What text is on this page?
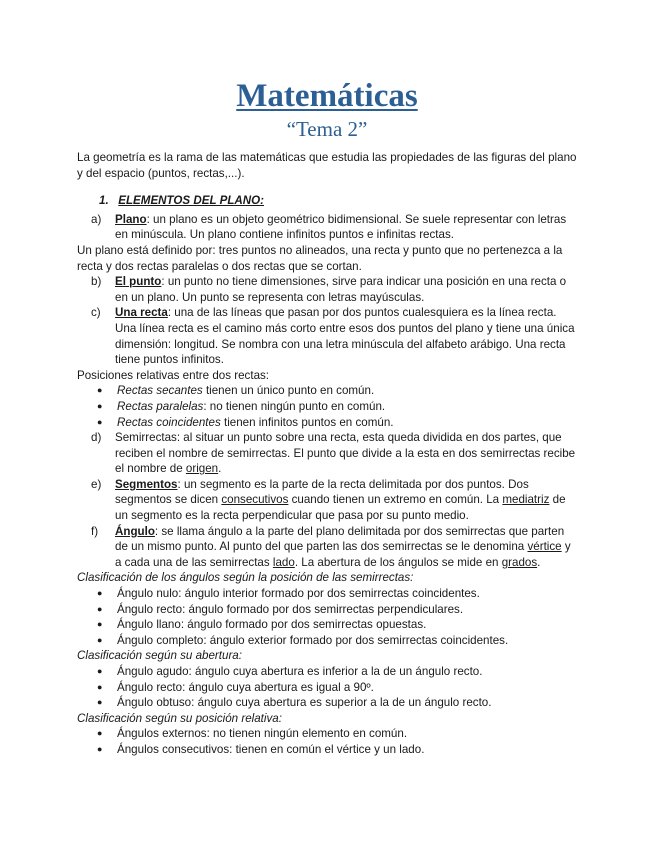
Matemáticas
“Tema 2”

La geometría es la rama de las matemáticas que estudia las propiedades de las figuras del plano y del espacio (puntos, rectas,...).

1. ELEMENTOS DEL PLANO:
a)	Plano: un plano es un objeto geométrico bidimensional. Se suele representar con letras en minúscula. Un plano contiene infinitos puntos e infinitas rectas.

Un plano está definido por: tres puntos no alineados, una recta y punto que no pertenezca a la recta y dos rectas paralelas o dos rectas que se cortan.

b)	El punto: un punto no tiene dimensiones, sirve para indicar una posición en una recta o en un plano. Un punto se representa con letras mayúsculas.
c)	Una recta: una de las líneas que pasan por dos puntos cualesquiera es la línea recta. Una línea recta es el camino más corto entre esos dos puntos del plano y tiene una única dimensión: longitud. Se nombra con una letra minúscula del alfabeto arábigo. Una recta tiene puntos infinitos.

Posiciones relativas entre dos rectas:

●	Rectas secantes tienen un único punto en común.
●	Rectas paralelas: no tienen ningún punto en común.
●	Rectas coincidentes tienen infinitos puntos en común.
d)	Semirrectas: al situar un punto sobre una recta, esta queda dividida en dos partes, que reciben el nombre de semirrectas. El punto que divide a la esta en dos semirrectas recibe el nombre de origen.
e)	Segmentos: un segmento es la parte de la recta delimitada por dos puntos. Dos segmentos se dicen consecutivos cuando tienen un extremo en común. La mediatriz de un segmento es la recta perpendicular que pasa por su punto medio.
f)	Ángulo: se llama ángulo a la parte del plano delimitada por dos semirrectas que parten de un mismo punto. Al punto del que parten las dos semirrectas se le denomina vértice y a cada una de las semirrectas lado. La abertura de los ángulos se mide en grados.

Clasificación de los ángulos según la posición de las semirrectas:

●	Ángulo nulo: ángulo interior formado por dos semirrectas coincidentes.
●	Ángulo recto: ángulo formado por dos semirrectas perpendiculares.
●	Ángulo llano: ángulo formado por dos semirrectas opuestas.
●	Ángulo completo: ángulo exterior formado por dos semirrectas coincidentes.

Clasificación según su abertura:

●	Ángulo agudo: ángulo cuya abertura es inferior a la de un ángulo recto.
●	Ángulo recto: ángulo cuya abertura es igual a 90º.
●	Ángulo obtuso: ángulo cuya abertura es superior a la de un ángulo recto.

Clasificación según su posición relativa:

●	Ángulos externos: no tienen ningún elemento en común.
●	Ángulos consecutivos: tienen en común el vértice y un lado.
